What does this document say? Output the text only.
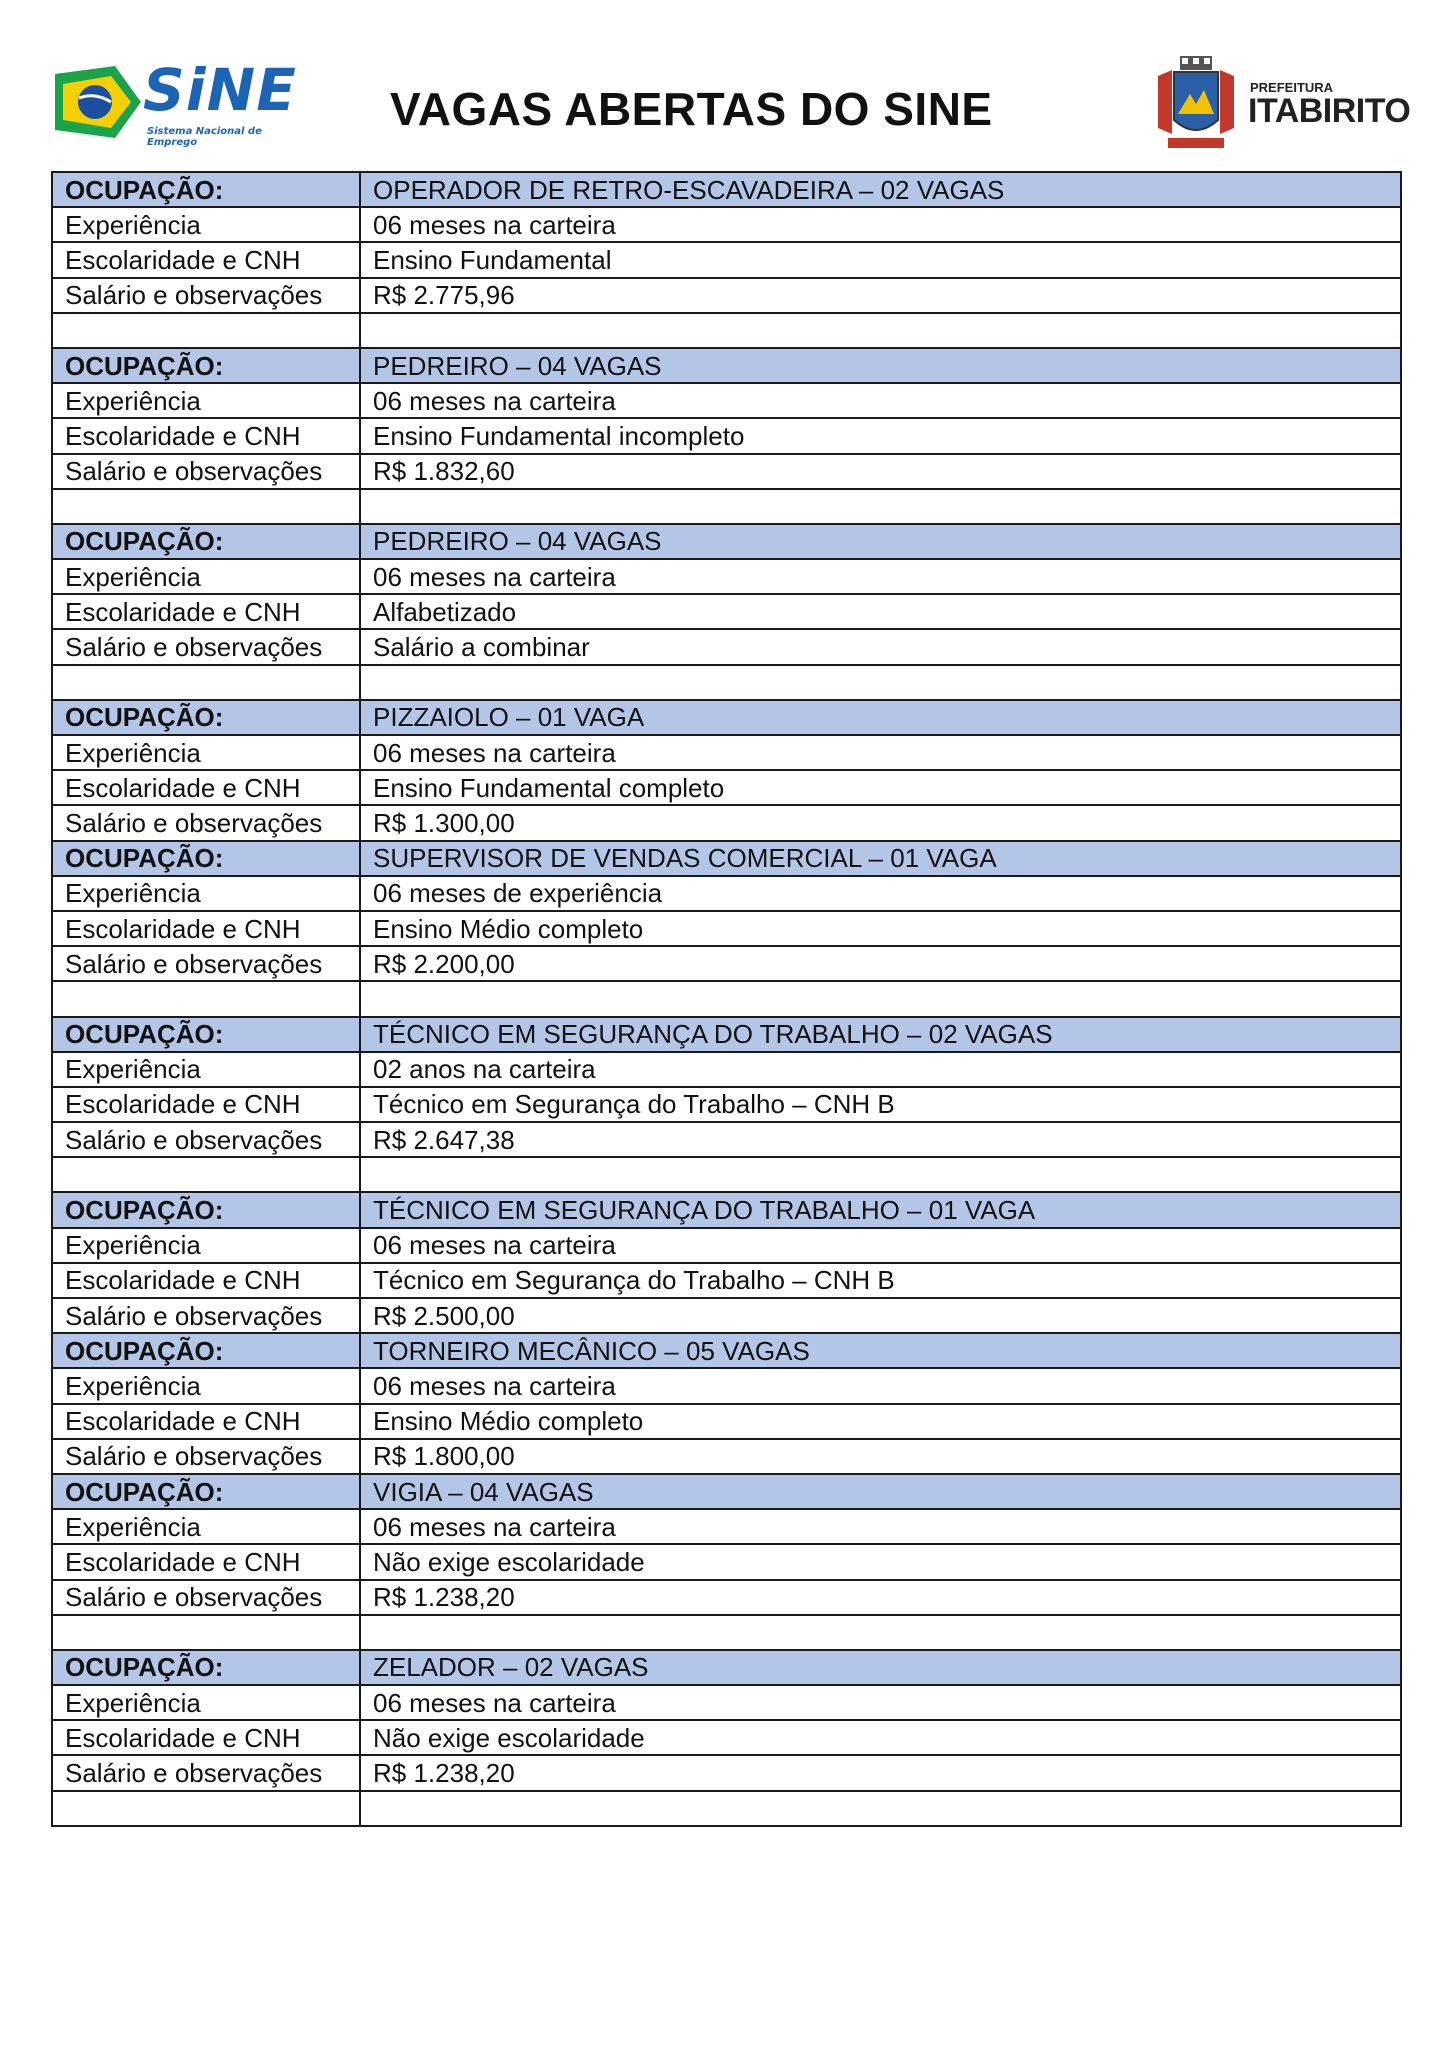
SiNE
Sistema Nacional de Emprego
VAGAS ABERTAS DO SINE	PREFEITURA
ITABIRITO
OCUPAÇÃO:	OPERADOR DE RETRO-ESCAVADEIRA – 02 VAGAS
Experiência	06 meses na carteira
Escolaridade e CNH	Ensino Fundamental
Salário e observações	R$ 2.775,96

OCUPAÇÃO:	PEDREIRO – 04 VAGAS
Experiência	06 meses na carteira
Escolaridade e CNH	Ensino Fundamental incompleto
Salário e observações	R$ 1.832,60

OCUPAÇÃO:	PEDREIRO – 04 VAGAS
Experiência	06 meses na carteira
Escolaridade e CNH	Alfabetizado
Salário e observações	Salário a combinar

OCUPAÇÃO:	PIZZAIOLO – 01 VAGA
Experiência	06 meses na carteira
Escolaridade e CNH	Ensino Fundamental completo
Salário e observações	R$ 1.300,00
OCUPAÇÃO:	SUPERVISOR DE VENDAS COMERCIAL – 01 VAGA
Experiência	06 meses de experiência
Escolaridade e CNH	Ensino Médio completo
Salário e observações	R$ 2.200,00

OCUPAÇÃO:	TÉCNICO EM SEGURANÇA DO TRABALHO – 02 VAGAS
Experiência	02 anos na carteira
Escolaridade e CNH	Técnico em Segurança do Trabalho – CNH B
Salário e observações	R$ 2.647,38

OCUPAÇÃO:	TÉCNICO EM SEGURANÇA DO TRABALHO – 01 VAGA
Experiência	06 meses na carteira
Escolaridade e CNH	Técnico em Segurança do Trabalho – CNH B
Salário e observações	R$ 2.500,00
OCUPAÇÃO:	TORNEIRO MECÂNICO – 05 VAGAS
Experiência	06 meses na carteira
Escolaridade e CNH	Ensino Médio completo
Salário e observações	R$ 1.800,00
OCUPAÇÃO:	VIGIA – 04 VAGAS
Experiência	06 meses na carteira
Escolaridade e CNH	Não exige escolaridade
Salário e observações	R$ 1.238,20

OCUPAÇÃO:	ZELADOR – 02 VAGAS
Experiência	06 meses na carteira
Escolaridade e CNH	Não exige escolaridade
Salário e observações	R$ 1.238,20
